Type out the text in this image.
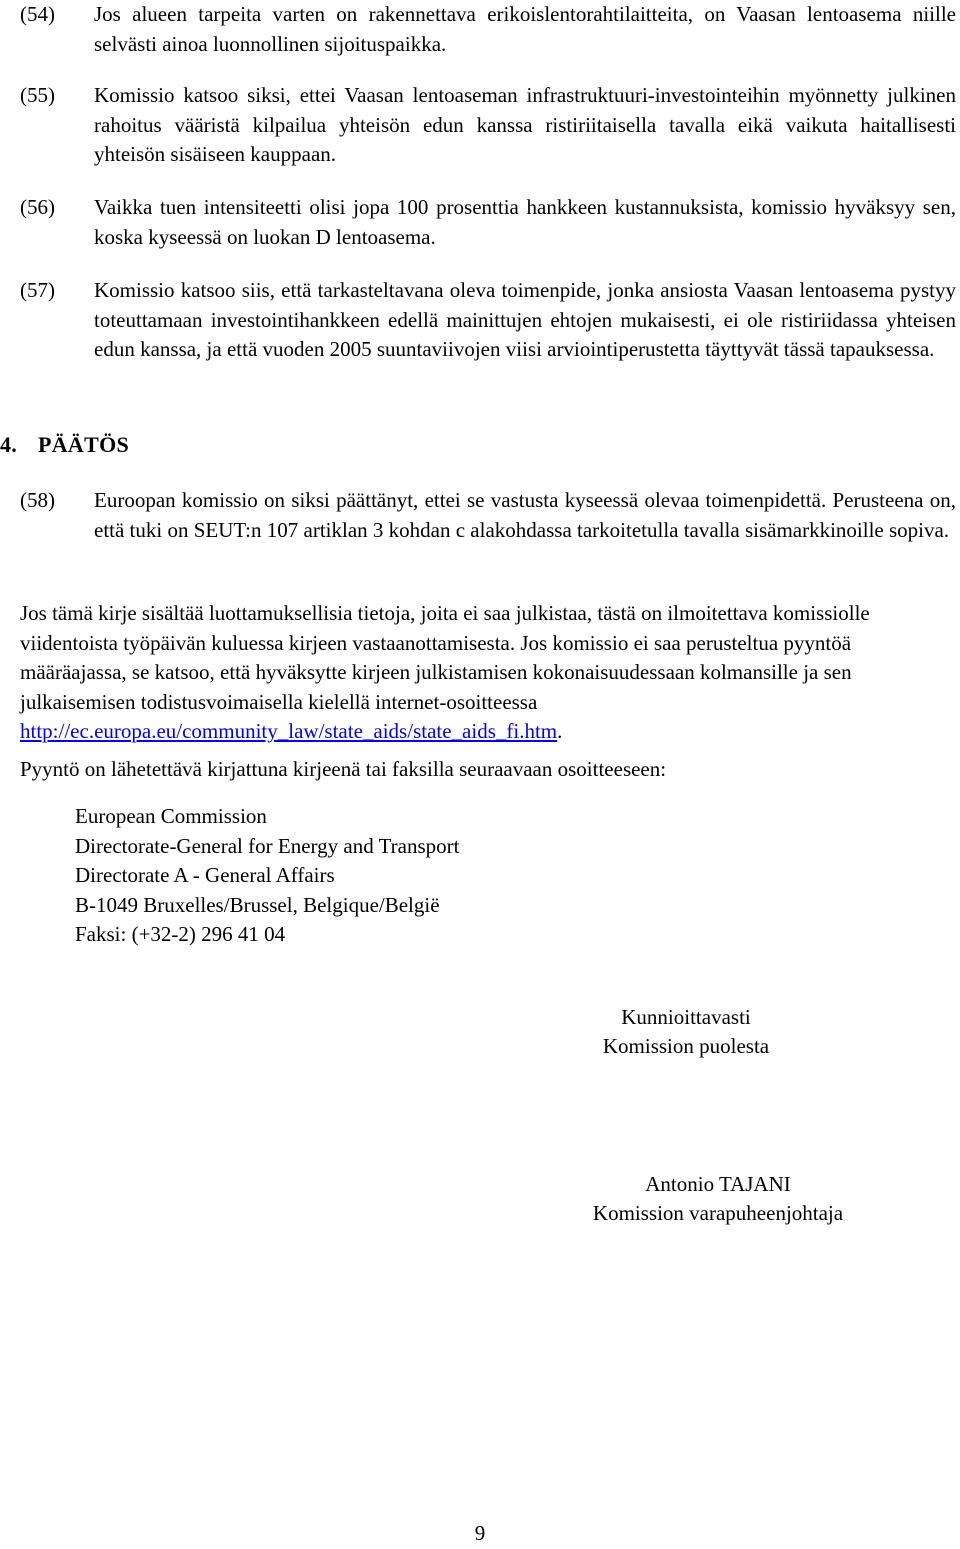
(54) Jos alueen tarpeita varten on rakennettava erikoislentorahtilaitteita, on Vaasan lentoasema niille selvästi ainoa luonnollinen sijoituspaikka.
(55) Komissio katsoo siksi, ettei Vaasan lentoaseman infrastruktuuri-investointeihin myönnetty julkinen rahoitus vääristä kilpailua yhteisön edun kanssa ristiriitaisella tavalla eikä vaikuta haitallisesti yhteisön sisäiseen kauppaan.
(56) Vaikka tuen intensiteetti olisi jopa 100 prosenttia hankkeen kustannuksista, komissio hyväksyy sen, koska kyseessä on luokan D lentoasema.
(57) Komissio katsoo siis, että tarkasteltavana oleva toimenpide, jonka ansiosta Vaasan lentoasema pystyy toteuttamaan investointihankkeen edellä mainittujen ehtojen mukaisesti, ei ole ristiriidassa yhteisen edun kanssa, ja että vuoden 2005 suuntaviivojen viisi arviointiperustetta täyttyvät tässä tapauksessa.
4. PÄÄTÖS
(58) Euroopan komissio on siksi päättänyt, ettei se vastusta kyseessä olevaa toimenpidettä. Perusteena on, että tuki on SEUT:n 107 artiklan 3 kohdan c alakohdassa tarkoitetulla tavalla sisämarkkinoille sopiva.
Jos tämä kirje sisältää luottamuksellisia tietoja, joita ei saa julkistaa, tästä on ilmoitettava komissiolle viidentoista työpäivän kuluessa kirjeen vastaanottamisesta. Jos komissio ei saa perusteltua pyyntöä määräajassa, se katsoo, että hyväksytte kirjeen julkistamisen kokonaisuudessaan kolmansille ja sen julkaisemisen todistusvoimaisella kielellä internet-osoitteessa  http://ec.europa.eu/community_law/state_aids/state_aids_fi.htm.
Pyyntö on lähetettävä kirjattuna kirjeenä tai faksilla seuraavaan osoitteeseen:
European Commission
Directorate-General for Energy and Transport
Directorate A - General Affairs
B-1049 Bruxelles/Brussel, Belgique/België
Faksi: (+32-2) 296 41 04
Kunnioittavasti
Komission puolesta
Antonio TAJANI
Komission varapuheenjohtaja
9
